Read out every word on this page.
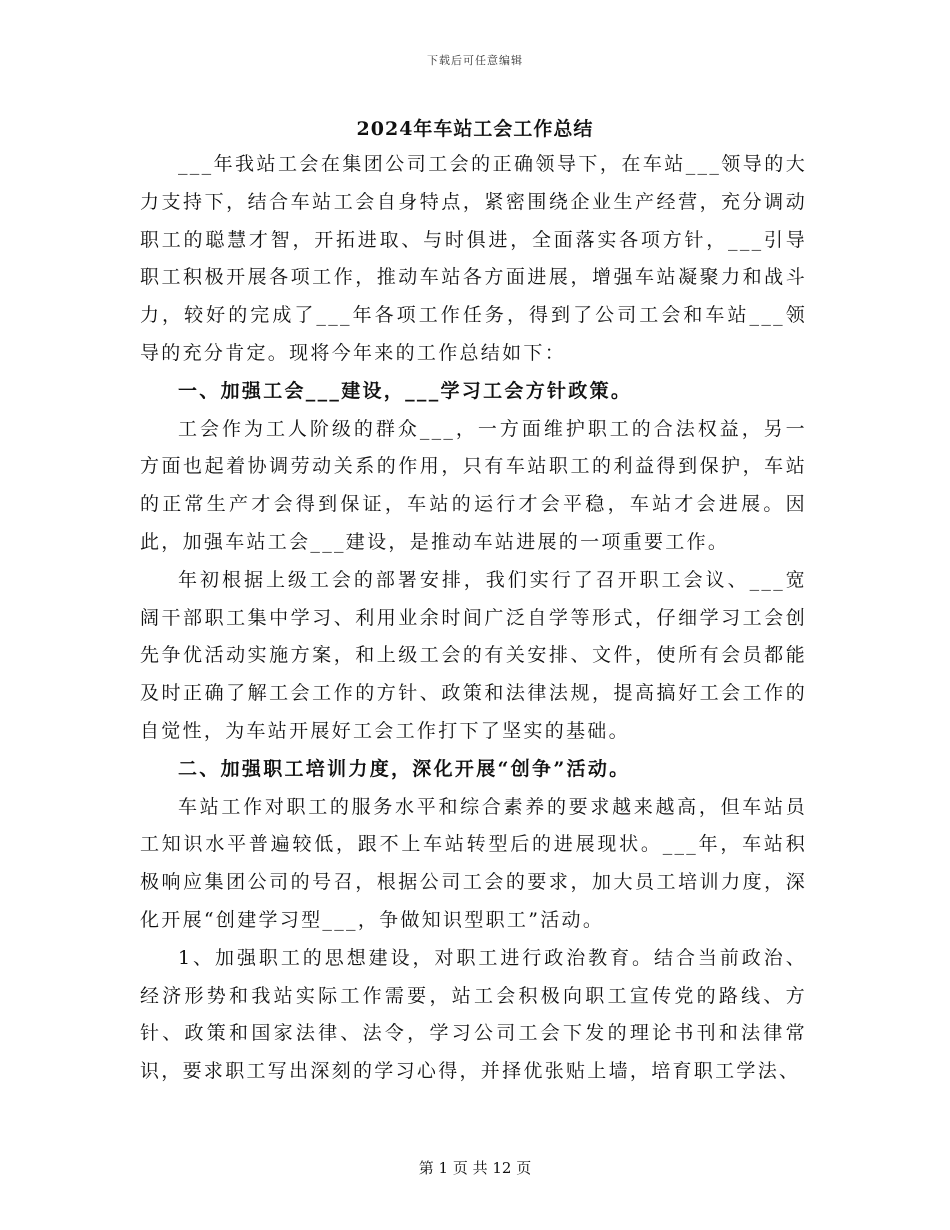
下载后可任意编辑
2024年车站工会工作总结

___年我站工会在集团公司工会的正确领导下，在车站___领导的大力支持下，结合车站工会自身特点，紧密围绕企业生产经营，充分调动职工的聪慧才智，开拓进取、与时俱进，全面落实各项方针，___引导职工积极开展各项工作，推动车站各方面进展，增强车站凝聚力和战斗力，较好的完成了___年各项工作任务，得到了公司工会和车站___领导的充分肯定。现将今年来的工作总结如下：

一、加强工会___建设，___学习工会方针政策。

工会作为工人阶级的群众___，一方面维护职工的合法权益，另一方面也起着协调劳动关系的作用，只有车站职工的利益得到保护，车站的正常生产才会得到保证，车站的运行才会平稳，车站才会进展。因此，加强车站工会___建设，是推动车站进展的一项重要工作。

年初根据上级工会的部署安排，我们实行了召开职工会议、___宽阔干部职工集中学习、利用业余时间广泛自学等形式，仔细学习工会创先争优活动实施方案，和上级工会的有关安排、文件，使所有会员都能及时正确了解工会工作的方针、政策和法律法规，提高搞好工会工作的自觉性，为车站开展好工会工作打下了坚实的基础。

二、加强职工培训力度，深化开展“创争”活动。

车站工作对职工的服务水平和综合素养的要求越来越高，但车站员工知识水平普遍较低，跟不上车站转型后的进展现状。___年，车站积极响应集团公司的号召，根据公司工会的要求，加大员工培训力度，深化开展“创建学习型___，争做知识型职工”活动。

1、加强职工的思想建设，对职工进行政治教育。结合当前政治、经济形势和我站实际工作需要，站工会积极向职工宣传党的路线、方针、政策和国家法律、法令，学习公司工会下发的理论书刊和法律常识，要求职工写出深刻的学习心得，并择优张贴上墙，培育职工学法、

第 1 页 共 12 页
